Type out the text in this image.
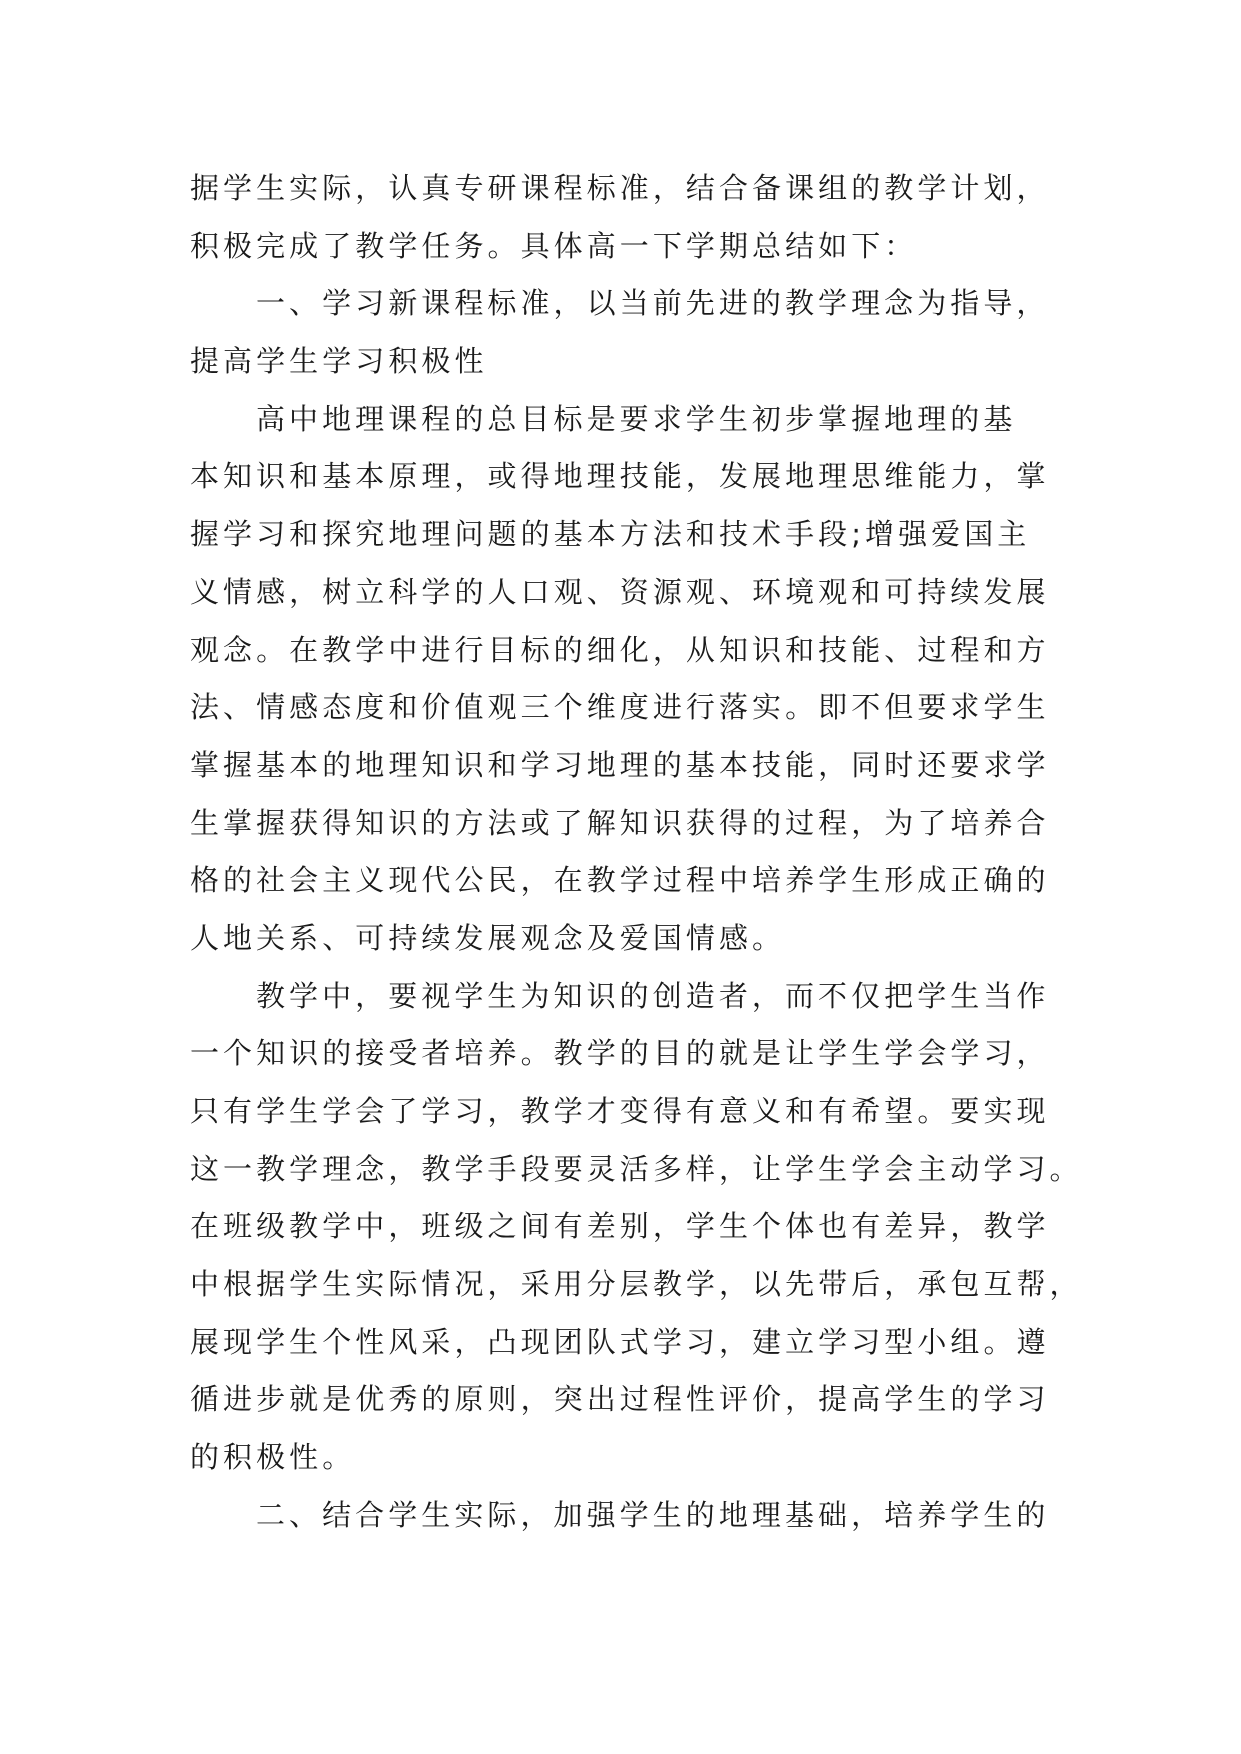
据学生实际，认真专研课程标准，结合备课组的教学计划，
积极完成了教学任务。具体高一下学期总结如下：
一、学习新课程标准，以当前先进的教学理念为指导，
提高学生学习积极性
高中地理课程的总目标是要求学生初步掌握地理的基
本知识和基本原理，或得地理技能，发展地理思维能力，掌
握学习和探究地理问题的基本方法和技术手段;增强爱国主
义情感，树立科学的人口观、资源观、环境观和可持续发展
观念。在教学中进行目标的细化，从知识和技能、过程和方
法、情感态度和价值观三个维度进行落实。即不但要求学生
掌握基本的地理知识和学习地理的基本技能，同时还要求学
生掌握获得知识的方法或了解知识获得的过程，为了培养合
格的社会主义现代公民，在教学过程中培养学生形成正确的
人地关系、可持续发展观念及爱国情感。
教学中，要视学生为知识的创造者，而不仅把学生当作
一个知识的接受者培养。教学的目的就是让学生学会学习，
只有学生学会了学习，教学才变得有意义和有希望。要实现
这一教学理念，教学手段要灵活多样，让学生学会主动学习。
在班级教学中，班级之间有差别，学生个体也有差异，教学
中根据学生实际情况，采用分层教学，以先带后，承包互帮，
展现学生个性风采，凸现团队式学习，建立学习型小组。遵
循进步就是优秀的原则，突出过程性评价，提高学生的学习
的积极性。
二、结合学生实际，加强学生的地理基础，培养学生的
